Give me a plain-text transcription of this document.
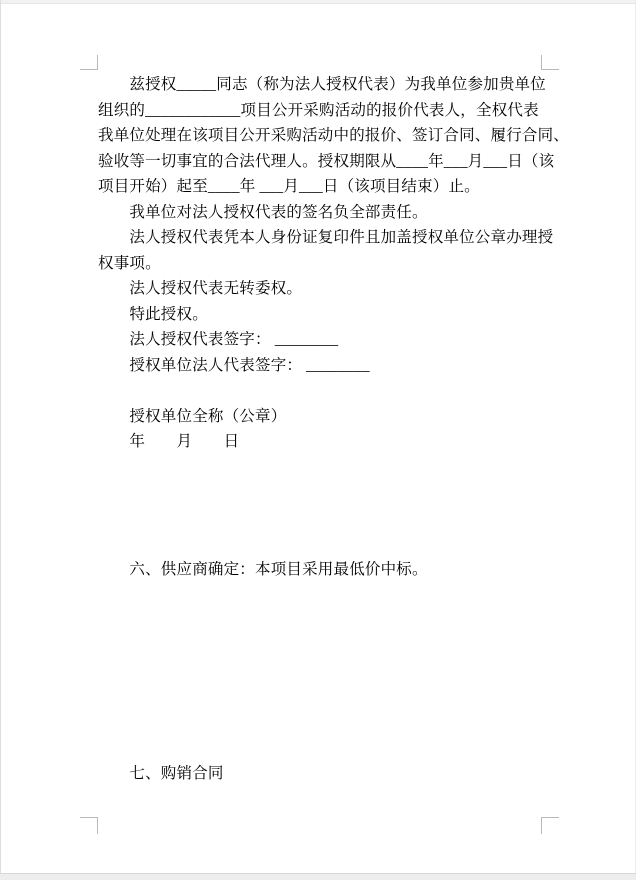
　　兹授权_____同志（称为法人授权代表）为我单位参加贵单位
组织的____________项目公开采购活动的报价代表人，全权代表
我单位处理在该项目公开采购活动中的报价、签订合同、履行合同、
验收等一切事宜的合法代理人。授权期限从____年___月___日（该
项目开始）起至____年 ___月___日（该项目结束）止。
　　我单位对法人授权代表的签名负全部责任。
　　法人授权代表凭本人身份证复印件且加盖授权单位公章办理授
权事项。
　　法人授权代表无转委权。
　　特此授权。
　　法人授权代表签字： ________
　　授权单位法人代表签字： ________
　　授权单位全称（公章）
　　年　　月　　日
　　六、供应商确定：本项目采用最低价中标。
　　七、购销合同
